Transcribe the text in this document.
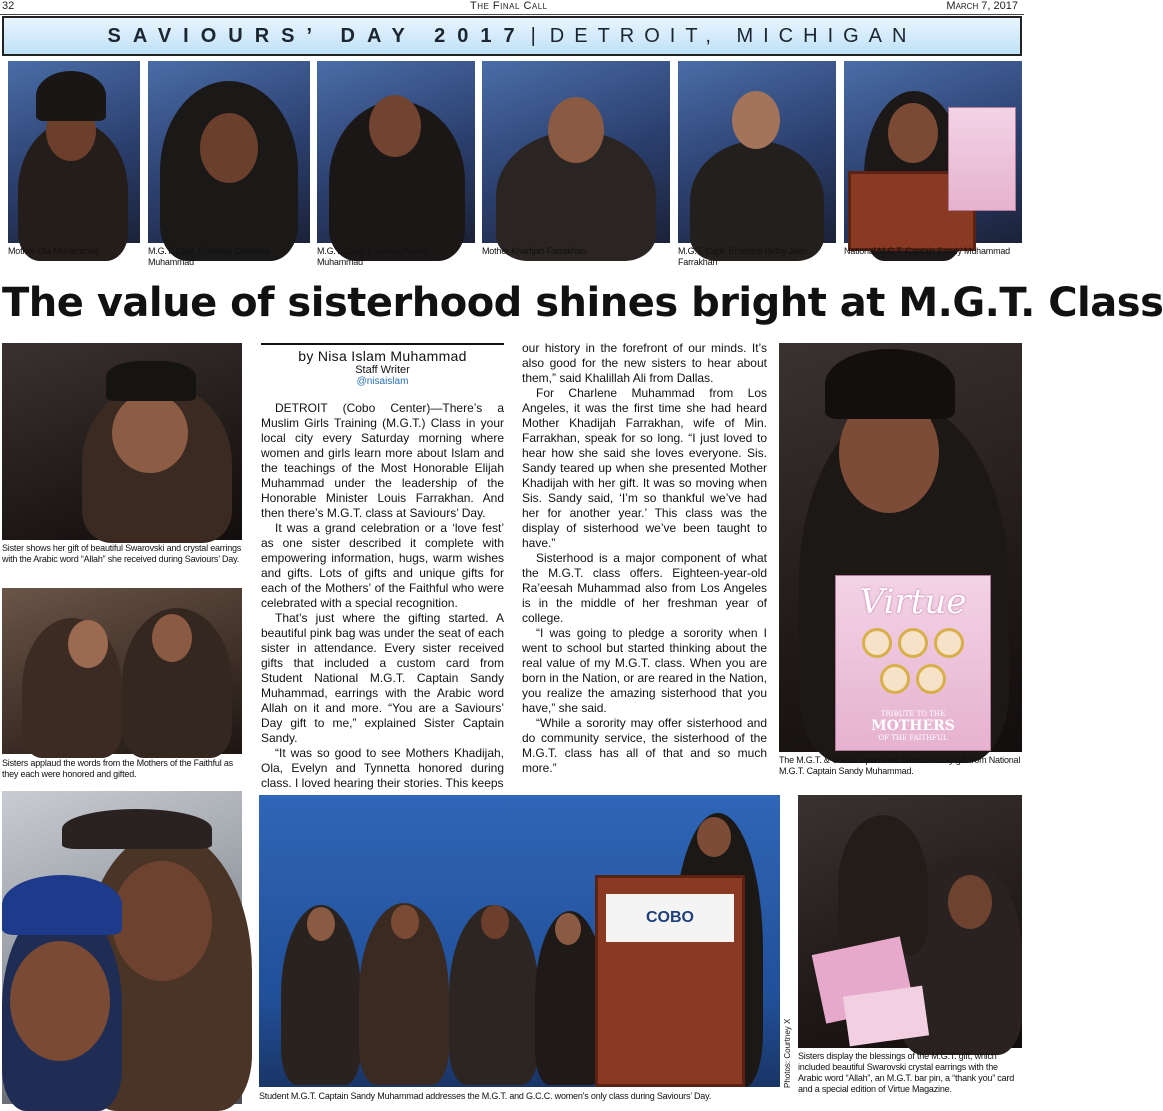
32	The Final Call	March 7, 2017
SAVIOURS’ DAY 2017 | DETROIT, MICHIGAN
Mother Ola Muhammad	M.G.T. Capt. Emeritus Charlene Muhammad
M.G.T. Capt. Emeritus Aishah Muhammad
Mother Khadijah Farrakhan	M.G.T. Capt. Emeritus Betsy Jean Farrakhan
National M.G.T. Captain Sandy Muhammad
The value of sisterhood shines bright at M.G.T. Class
Sister shows her gift of beautiful Swarovski and crystal earrings with the Arabic word “Allah” she received during Saviours’ Day.
Sisters applaud the words from the Mothers of the Faithful as they each were honored and gifted.
by Nisa Islam Muhammad
Staff Writer
@nisaislam

DETROIT (Cobo Center)—There’s a Muslim Girls Training (M.G.T.) Class in your local city every Saturday morning where women and girls learn more about Islam and the teachings of the Most Honorable Elijah Muhammad under the leadership of the Honorable Minister Louis Farrakhan. And then there’s M.G.T. class at Saviours’ Day.

It was a grand celebration or a ‘love fest’ as one sister described it complete with empowering information, hugs, warm wishes and gifts. Lots of gifts and unique gifts for each of the Mothers’ of the Faithful who were celebrated with a special recognition.

That’s just where the gifting started. A beautiful pink bag was under the seat of each sister in attendance. Every sister received gifts that included a custom card from Student National M.G.T. Captain Sandy Muhammad, earrings with the Arabic word Allah on it and more. “You are a Saviours’ Day gift to me,” explained Sister Captain Sandy.

“It was so good to see Mothers Khadijah, Ola, Evelyn and Tynnetta honored during class. I loved hearing their stories. This keeps

our history in the forefront of our minds. It’s also good for the new sisters to hear about them,” said Khalillah Ali from Dallas.

For Charlene Muhammad from Los Angeles, it was the first time she had heard Mother Khadijah Farrakhan, wife of Min. Farrakhan, speak for so long. “I just loved to hear how she said she loves everyone. Sis. Sandy teared up when she presented Mother Khadijah with her gift. It was so moving when Sis. Sandy said, ‘I’m so thankful we’ve had her for another year.’ This class was the display of sisterhood we’ve been taught to have.”

Sisterhood is a major component of what the M.G.T. class offers. Eighteen-year-old Ra’eesah Muhammad also from Los Angeles is in the middle of her freshman year of college.

“I was going to pledge a sorority when I went to school but started thinking about the real value of my M.G.T. class. When you are born in the Nation, or are reared in the Nation, you realize the amazing sisterhood that you have,” she said.

“While a sorority may offer sisterhood and do community service, the sisterhood of the M.G.T. class has all of that and so much more.”

Virtue
TRIBUTE TO THE
MOTHERS
OF THE FAITHFUL
The M.G.T. & G.C.C. open their Saviours’ Day gift from National M.G.T. Captain Sandy Muhammad.
COBO
Photos: Courtney X
Student M.G.T. Captain Sandy Muhammad addresses the M.G.T. and G.C.C. women’s only class during Saviours’ Day.
Sisters display the blessings of the M.G.T. gift, which included beautiful Swarovski crystal earrings with the Arabic word “Allah”, an M.G.T. bar pin, a “thank you” card and a special edition of Virtue Magazine.
